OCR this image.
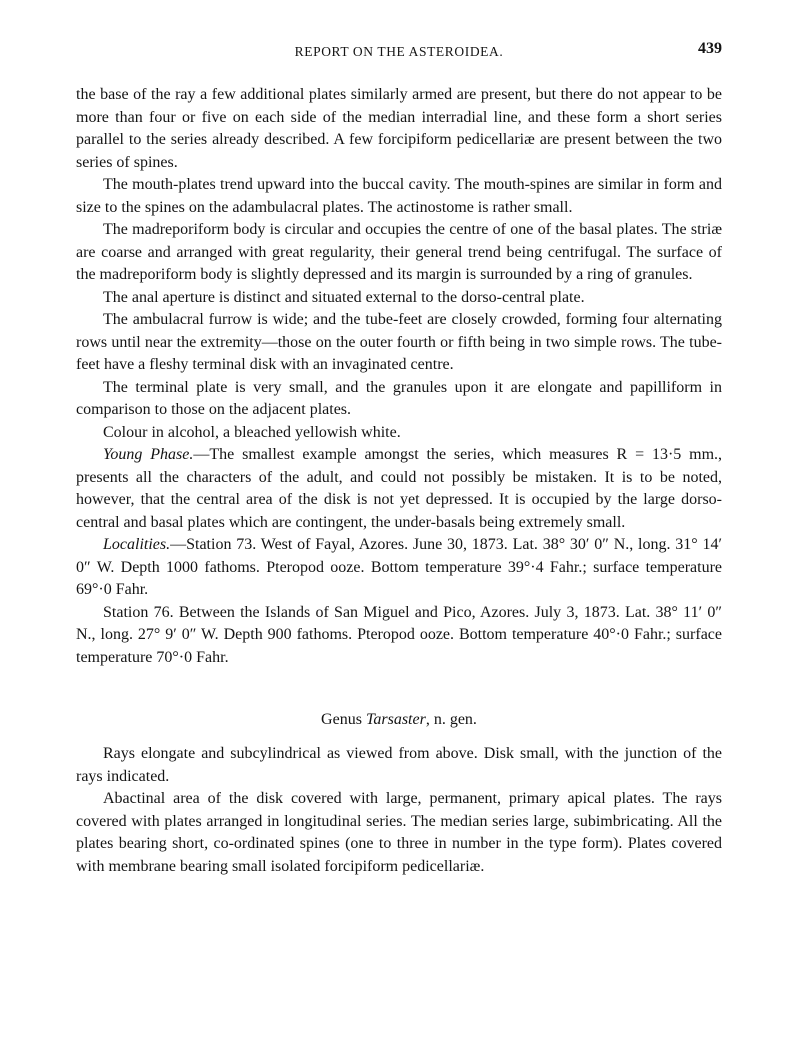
REPORT ON THE ASTEROIDEA.	439

the base of the ray a few additional plates similarly armed are present, but there do not appear to be more than four or five on each side of the median interradial line, and these form a short series parallel to the series already described. A few forcipiform pedicellariæ are present between the two series of spines.

The mouth-plates trend upward into the buccal cavity. The mouth-spines are similar in form and size to the spines on the adambulacral plates. The actinostome is rather small.

The madreporiform body is circular and occupies the centre of one of the basal plates. The striæ are coarse and arranged with great regularity, their general trend being centrifugal. The surface of the madreporiform body is slightly depressed and its margin is surrounded by a ring of granules.

The anal aperture is distinct and situated external to the dorso-central plate.

The ambulacral furrow is wide; and the tube-feet are closely crowded, forming four alternating rows until near the extremity—those on the outer fourth or fifth being in two simple rows. The tube-feet have a fleshy terminal disk with an invaginated centre.

The terminal plate is very small, and the granules upon it are elongate and papilliform in comparison to those on the adjacent plates.

Colour in alcohol, a bleached yellowish white.

Young Phase.—The smallest example amongst the series, which measures R = 13·5 mm., presents all the characters of the adult, and could not possibly be mistaken. It is to be noted, however, that the central area of the disk is not yet depressed. It is occupied by the large dorso-central and basal plates which are contingent, the under-basals being extremely small.

Localities.—Station 73. West of Fayal, Azores. June 30, 1873. Lat. 38° 30′ 0″ N., long. 31° 14′ 0″ W. Depth 1000 fathoms. Pteropod ooze. Bottom temperature 39°·4 Fahr.; surface temperature 69°·0 Fahr.

Station 76. Between the Islands of San Miguel and Pico, Azores. July 3, 1873. Lat. 38° 11′ 0″ N., long. 27° 9′ 0″ W. Depth 900 fathoms. Pteropod ooze. Bottom temperature 40°·0 Fahr.; surface temperature 70°·0 Fahr.

Genus Tarsaster, n. gen.

Rays elongate and subcylindrical as viewed from above. Disk small, with the junction of the rays indicated.

Abactinal area of the disk covered with large, permanent, primary apical plates. The rays covered with plates arranged in longitudinal series. The median series large, subimbricating. All the plates bearing short, co-ordinated spines (one to three in number in the type form). Plates covered with membrane bearing small isolated forcipiform pedicellariæ.
